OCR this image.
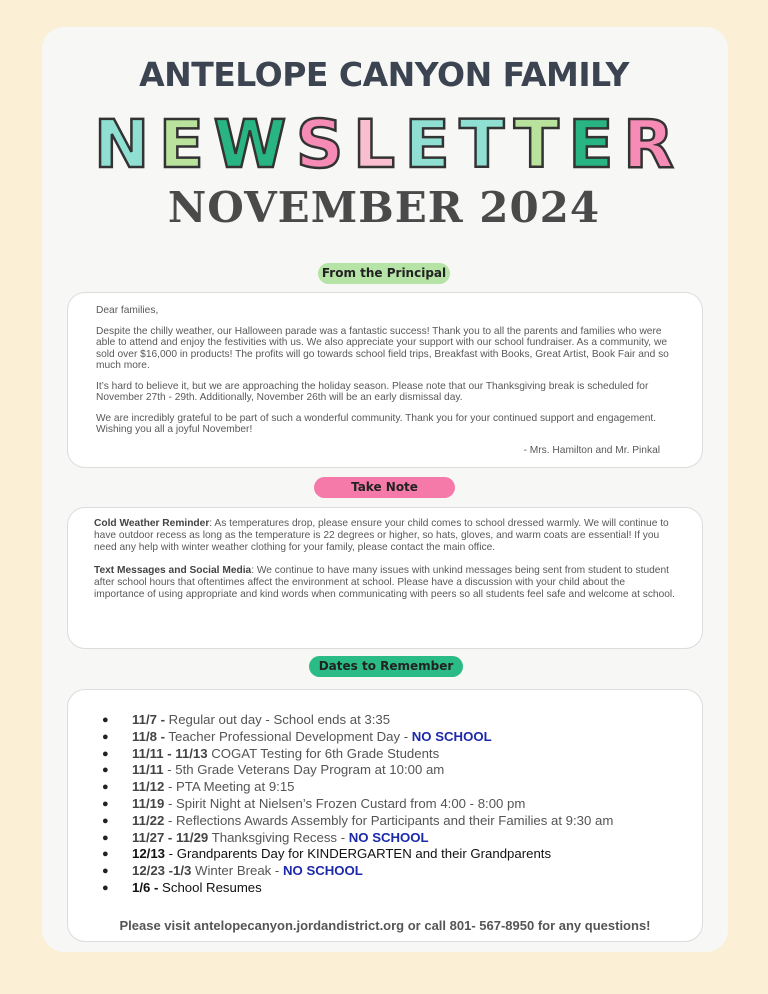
ANTELOPE CANYON FAMILY
N E W S L E T T E R
NOVEMBER 2024
From the Principal

Dear families,

Despite the chilly weather, our Halloween parade was a fantastic success! Thank you to all the parents and families who were able to attend and enjoy the festivities with us. We also appreciate your support with our school fundraiser. As a community, we sold over $16,000 in products! The profits will go towards school field trips, Breakfast with Books, Great Artist, Book Fair and so much more.

It’s hard to believe it, but we are approaching the holiday season. Please note that our Thanksgiving break is scheduled for November 27th - 29th. Additionally, November 26th will be an early dismissal day.

We are incredibly grateful to be part of such a wonderful community. Thank you for your continued support and engagement. Wishing you all a joyful November!

- Mrs. Hamilton and Mr. Pinkal

Take Note

Cold Weather Reminder: As temperatures drop, please ensure your child comes to school dressed warmly. We will continue to have outdoor recess as long as the temperature is 22 degrees or higher, so hats, gloves, and warm coats are essential! If you need any help with winter weather clothing for your family, please contact the main office.

Text Messages and Social Media: We continue to have many issues with unkind messages being sent from student to student after school hours that oftentimes affect the environment at school. Please have a discussion with your child about the importance of using appropriate and kind words when communicating with peers so all students feel safe and welcome at school.

Dates to Remember
● 11/7 - Regular out day - School ends at 3:35
● 11/8 - Teacher Professional Development Day - NO SCHOOL
● 11/11 - 11/13 COGAT Testing for 6th Grade Students
● 11/11 - 5th Grade Veterans Day Program at 10:00 am
● 11/12 - PTA Meeting at 9:15
● 11/19 - Spirit Night at Nielsen’s Frozen Custard from 4:00 - 8:00 pm
● 11/22 - Reflections Awards Assembly for Participants and their Families at 9:30 am
● 11/27 - 11/29 Thanksgiving Recess - NO SCHOOL
● 12/13 - Grandparents Day for KINDERGARTEN and their Grandparents
● 12/23 -1/3 Winter Break - NO SCHOOL
● 1/6 - School Resumes
Please visit antelopecanyon.jordandistrict.org or call 801- 567-8950 for any questions!
